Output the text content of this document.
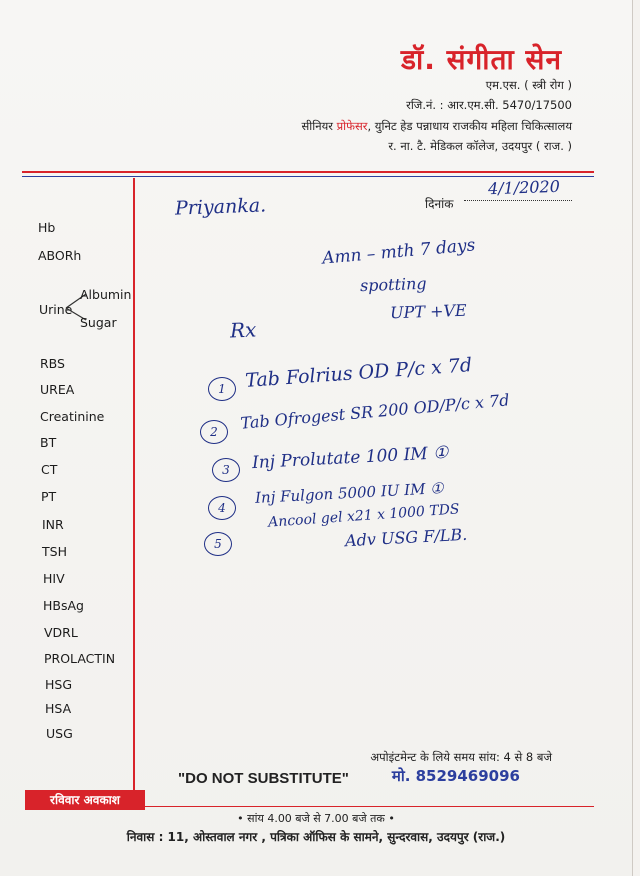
डॉ. संगीता सेन
एम.एस. ( स्त्री रोग )
रजि.नं. : आर.एम.सी. 5470/17500
सीनियर प्रोफेसर, युनिट हेड पन्नाधाय राजकीय महिला चिकित्सालय
र. ना. टै. मेडिकल कॉलेज, उदयपुर ( राज. )
Hb
ABORh
Urine
Albumin
Sugar
RBS
UREA
Creatinine
BT
CT
PT
INR
TSH
HIV
HBsAg
VDRL
PROLACTIN
HSG
HSA
USG
दिनांक
4/1/2020
Priyanka.
Amn – mth 7 days
spotting
UPT +VE
Rx
1 Tab Folrius OD P/c x 7d
2	Tab Ofrogest SR 200 OD/P/c x 7d
3	Inj Prolutate 100 IM ①
4
Inj Fulgon 5000 IU IM ①
5
Ancool gel x21 x 1000 TDS
Adv USG F/LB.
अपोइंटमेन्ट के लिये समय सांय: 4 से 8 बजे
मो. 8529469096
"DO NOT SUBSTITUTE"
रविवार अवकाश
• सांय 4.00 बजे से 7.00 बजे तक •
निवास : 11, ओस्तवाल नगर , पत्रिका ऑफिस के सामने, सुन्दरवास, उदयपुर (राज.)
